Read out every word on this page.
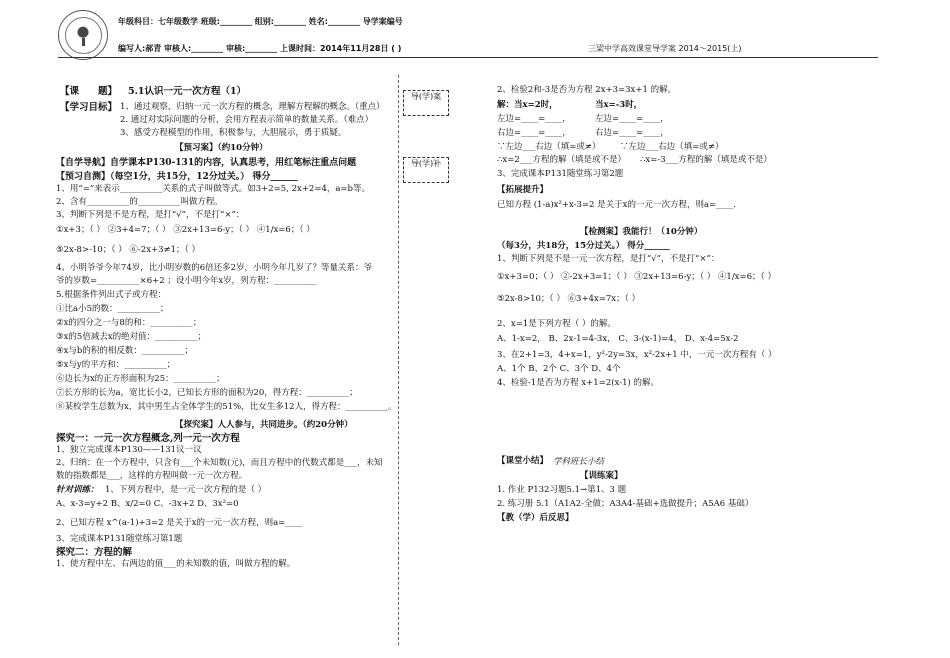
年级科目：七年级数学 班级:________ 组别:________ 姓名:________ 导学案编号
编写人:郝青 审核人:________ 审核:________ 上课时间：2014年11月28日 ( )	三梁中学高效课堂导学案 2014～2015(上)
导(学)案
导(学)补
【课　　题】 5.1认识一元一次方程（1）
【学习目标】 1、通过观察，归纳一元一次方程的概念，理解方程解的概念。（重点）
2. 通过对实际问题的分析，会用方程表示简单的数量关系。（难点）
3、感受方程模型的作用，积极参与，大胆展示，勇于质疑。
【预习案】（约10分钟）
【自学导航】自学课本P130-131的内容，认真思考，用红笔标注重点问题
【预习自测】（每空1分，共15分，12分过关。） 得分______
1、用“=”来表示__________关系的式子叫做等式。如3+2=5, 2x+2=4，a=b等。
2、含有__________的__________叫做方程。
3、判断下列是不是方程，是打“√”，不是打“×”：
①x+3；（ ） ②3+4=7；（ ） ③2x+13=6-y；（ ） ④1/x=6；（ ）
⑤2x-8>-10；（ ） ⑥-2x+3≠1；（ ）
4、小明爷爷今年74岁，比小明岁数的6倍还多2岁，小明今年几岁了？等量关系：爷
爷的岁数=__________×6+2 ；设小明今年x岁，列方程：__________
5.根据条件列出式子或方程：
①比a小5的数：__________；
②x的四分之一与8的和：__________；
③x的5倍减去x的绝对值：__________；
④x与b的积的相反数：__________；
⑤x与y的平方和：__________；
⑥边长为x的正方形面积为25：__________；
⑦长方形的长为a，宽比长小2，已知长方形的面积为20，得方程：__________；
⑧某校学生总数为x，其中男生占全体学生的51%，比女生多12人，得方程：__________。
【探究案】人人参与，共同进步。（约20分钟）
探究一：一元一次方程概念,列一元一次方程
1、独立完成课本P130——131议一议
2、归纳：在一个方程中，只含有___个未知数(元)，而且方程中的代数式都是___，未知
数的指数都是___，这样的方程叫做一元一次方程。
针对训练： 1、下列方程中，是一元一次方程的是（ ）
A、x-3=y+2 B、x/2=0 C、-3x+2 D、3x²=0
2、已知方程 x^(a-1)+3=2 是关于x的一元一次方程，则a=____
3、完成课本P131随堂练习第1题
探究二：方程的解
1、使方程中左、右两边的值___的未知数的值，叫做方程的解。
2、检验2和-3是否为方程 2x+3=3x+1 的解。
解：当x=2时，	当x=-3时，
左边=____=____，	左边=____=____，
右边=____=____，	右边=____=____，
∵左边___右边（填=或≠） ∵左边___右边（填=或≠）
∴x=2___方程的解（填是或不是） ∴x=-3___方程的解（填是或不是）
3、完成课本P131随堂练习第2题
【拓展提升】
已知方程 (1-a)x²+x-3=2 是关于x的一元一次方程，则a=____.
【检测案】我能行！（10分钟）
（每3分，共18分，15分过关。） 得分______
1、判断下列是不是一元一次方程，是打“√”，不是打“×”：
①x+3=0；（ ） ②-2x+3=1；（ ） ③2x+13=6-y；（ ） ④1/x=6；（ ）
⑤2x-8>10；（ ） ⑥3+4x=7x；（ ）
2、x=1是下列方程（ ）的解。
A、1-x=2， B、2x-1=4-3x， C、3-(x-1)=4， D、x-4=5x-2
3、在2+1=3，4+x=1，y²-2y=3x，x²-2x+1 中，一元一次方程有（ ）
A、1个 B、2个 C、3个 D、4个
4、检验-1是否为方程 x+1=2(x-1) 的解。
【课堂小结】 学科班长小结
【训练案】
1. 作业 P132习题5.1→第1、3 题
2. 练习册 5.1（A1A2-全做；A3A4-基础+选做提升；A5A6 基础）
【教（学）后反思】
